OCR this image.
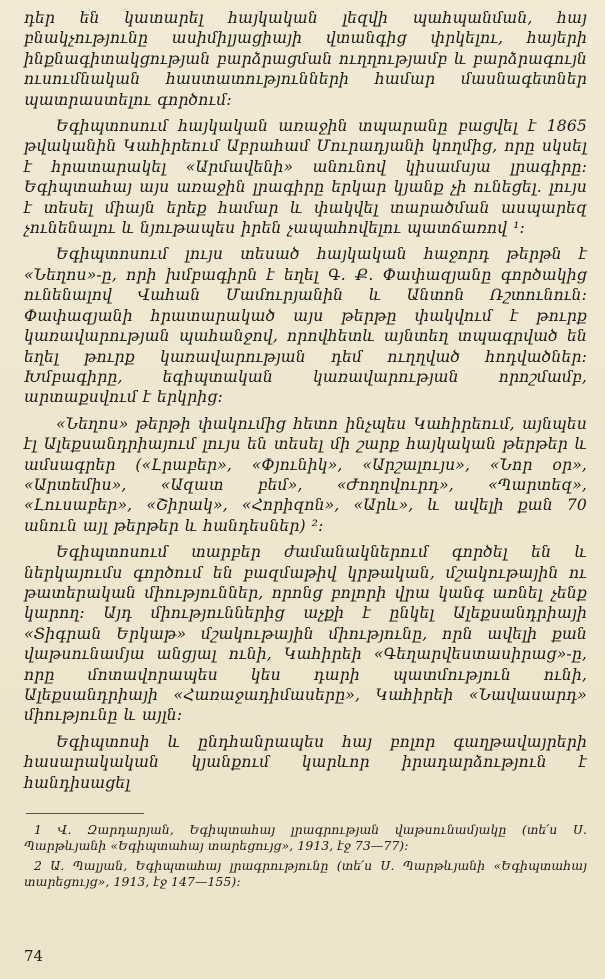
դեր են կատարել հայկական լեզվի պահպանման, հայ բնակչությունը ասիմիլյացիայի վտանգից փրկելու, հայերի ինքնագիտակցության բարձրացման ուղղությամբ և բարձրագույն ուսումնական հաստատությունների համար մասնագետներ պատրաստելու գործում:

Եգիպտոսում հայկական առաջին տպարանը բացվել է 1865 թվականին Կահիրեում Աբրահամ Մուրադյանի կողմից, որը սկսել է հրատարակել «Արմավենի» անունով կիսամսյա լրագիրը: Եգիպտահայ այս առաջին լրագիրը երկար կյանք չի ունեցել. լույս է տեսել միայն երեք համար և փակվել տարածման ասպարեզ չունենալու և նյութապես իրեն չապահովելու պատճառով ¹:

Եգիպտոսում լույս տեսած հայկական հաջորդ թերթն է «Նեղոս»-ը, որի խմբագիրն է եղել Գ. Ք. Փափազյանը գործակից ունենալով Վահան Մամուրյանին և Անտոն Ռշտունուն: Փափազյանի հրատարակած այս թերթը փակվում է թուրք կառավարության պահանջով, որովհետև այնտեղ տպագրված են եղել թուրք կառավարության դեմ ուղղված հոդվածներ: Խմբագիրը, եգիպտական կառավարության որոշմամբ, արտաքսվում է երկրից:

«Նեղոս» թերթի փակումից հետո ինչպես Կահիրեում, այնպես էլ Ալեքսանդրիայում լույս են տեսել մի շարք հայկական թերթեր և ամսագրեր («Լրաբեր», «Փյունիկ», «Արշալույս», «Նոր օր», «Արտեմիս», «Ազատ բեմ», «Ժողովուրդ», «Պարտեզ», «Լուսաբեր», «Շիրակ», «Հորիզոն», «Արև», և ավելի քան 70 անուն այլ թերթեր և հանդեսներ) ²:

Եգիպտոսում տարբեր ժամանակներում գործել են և ներկայումս գործում են բազմաթիվ կրթական, մշակութային ու թատերական միություններ, որոնց բոլորի վրա կանգ առնել չենք կարող: Այդ միություններից աչքի է ընկել Ալեքսանդրիայի «Տիգրան Երկաթ» մշակութային միությունը, որն ավելի քան վաթսունամյա անցյալ ունի, Կահիրեի «Գեղարվեստասիրաց»-ը, որը մոտավորապես կես դարի պատմություն ունի, Ալեքսանդրիայի «Հառաջադիմասերը», Կահիրեի «Նավասարդ» միությունը և այլն:

Եգիպտոսի և ընդհանրապես հայ բոլոր գաղթավայրերի հասարակական կյանքում կարևոր իրադարձություն է հանդիսացել

1 Վ. Զարդարյան, Եգիպտահայ լրագրության վաթսունամյակը (տե՛ս Ս. Պարթևյանի «Եգիպտահայ տարեցույց», 1913, էջ 73—77):

2 Ա. Պալյան, Եգիպտահայ լրագրությունը (տե՛ս Ս. Պարթևյանի «Եգիպտահայ տարեցույց», 1913, էջ 147—155):

74
